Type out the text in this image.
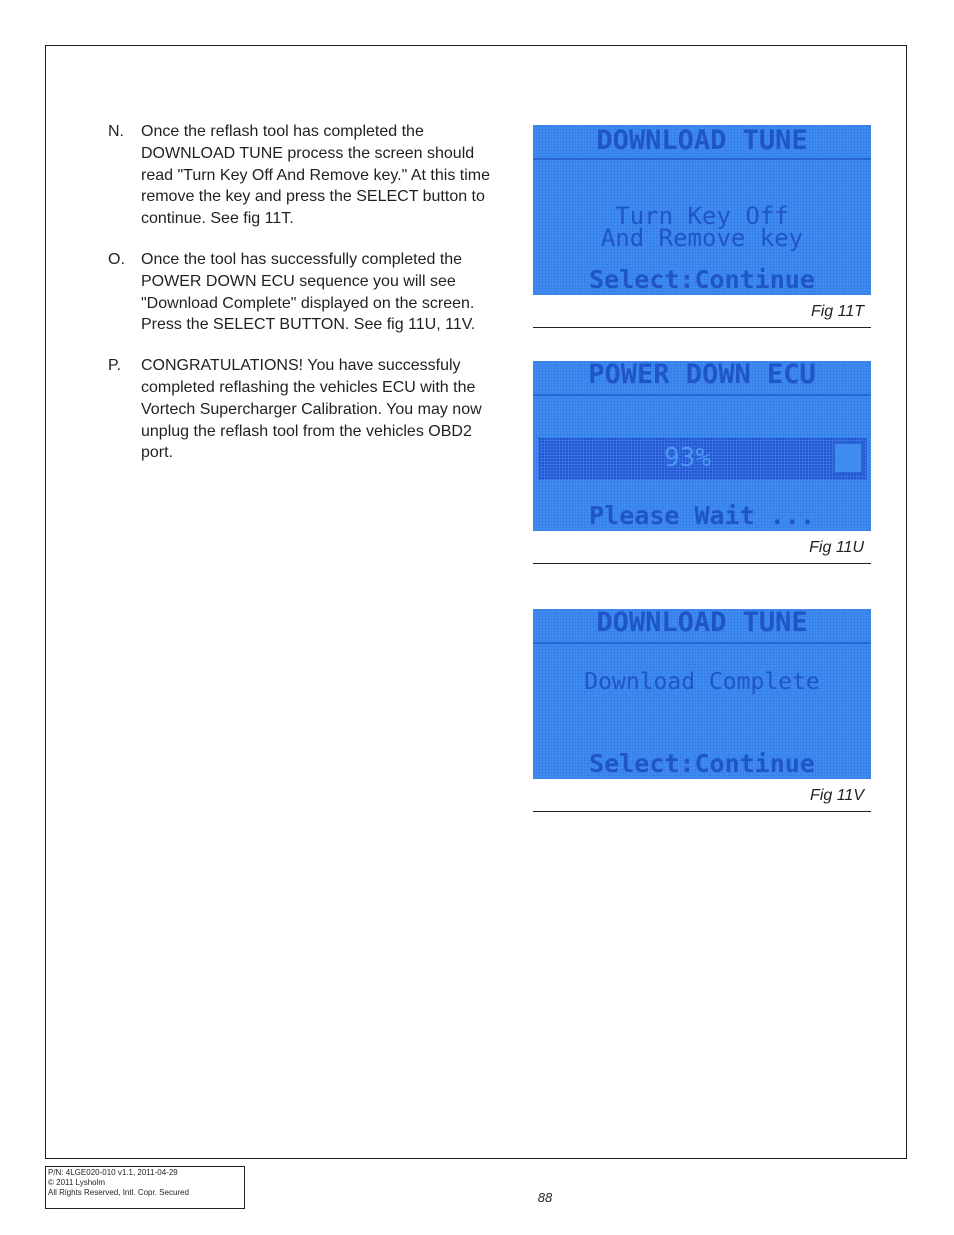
N.	Once the reflash tool has completed the DOWNLOAD TUNE process the screen should read "Turn Key Off And Remove key." At this time remove the key and press the SELECT button to continue. See fig 11T.
O.	Once the tool has successfully completed the POWER DOWN ECU sequence you will see "Download Complete" displayed on the screen. Press the SELECT BUTTON. See fig 11U, 11V.
P.	CONGRATULATIONS! You have successfuly completed reflashing the vehicles ECU with the Vortech Supercharger Calibration. You may now unplug the reflash tool from the vehicles OBD2 port.
DOWNLOAD TUNE
Turn Key Off
And Remove key
Select:Continue
Fig 11T
POWER DOWN ECU
93%
Please Wait ...
Fig 11U
DOWNLOAD TUNE
Download Complete
Select:Continue
Fig 11V
P/N: 4LGE020-010 v1.1, 2011-04-29
© 2011 Lysholm
All Rights Reserved, Intl. Copr. Secured	88
